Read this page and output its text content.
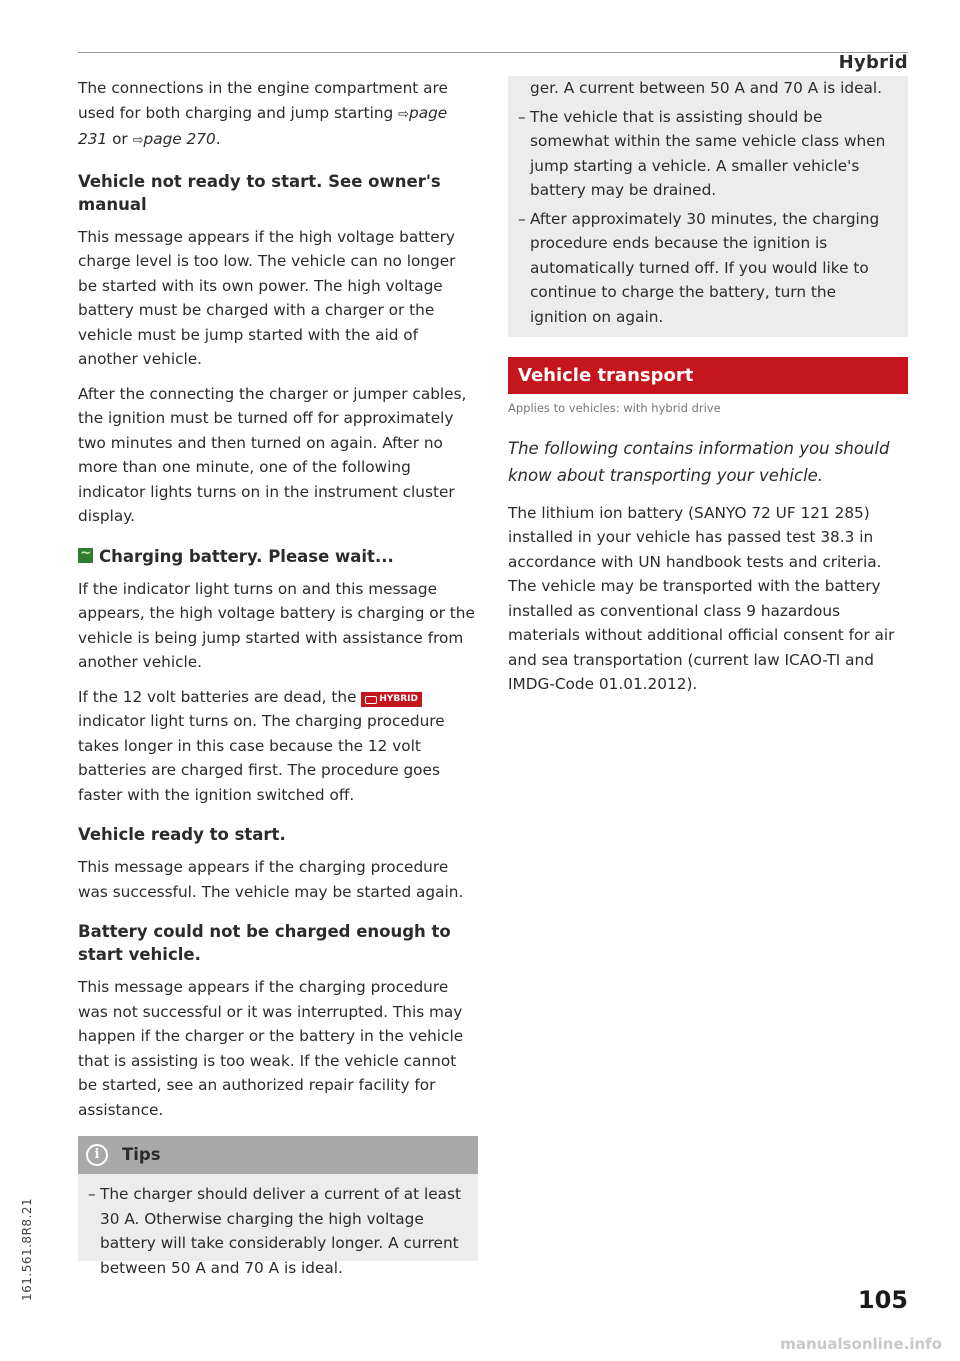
Hybrid

The connections in the engine compartment are used for both charging and jump starting ⇨page 231 or ⇨page 270.

Vehicle not ready to start. See owner's manual

This message appears if the high voltage battery charge level is too low. The vehicle can no longer be started with its own power. The high voltage battery must be charged with a charger or the vehicle must be jump started with the aid of another vehicle.

After the connecting the charger or jumper cables, the ignition must be turned off for approximately two minutes and then turned on again. After no more than one minute, one of the following indicator lights turns on in the instrument cluster display.

~Charging battery. Please wait...

If the indicator light turns on and this message appears, the high voltage battery is charging or the vehicle is being jump started with assistance from another vehicle.

If the 12 volt batteries are dead, the HYBRID indicator light turns on. The charging procedure takes longer in this case because the 12 volt batteries are charged first. The procedure goes faster with the ignition switched off.

Vehicle ready to start.

This message appears if the charging procedure was successful. The vehicle may be started again.

Battery could not be charged enough to start vehicle.

This message appears if the charging procedure was not successful or it was interrupted. This may happen if the charger or the battery in the vehicle that is assisting is too weak. If the vehicle cannot be started, see an authorized repair facility for assistance.

i	Tips
– The charger should deliver a current of at least 30 A. Otherwise charging the high voltage battery will take considerably longer. A current between 50 A and 70 A is ideal.
ger. A current between 50 A and 70 A is ideal.
– The vehicle that is assisting should be somewhat within the same vehicle class when jump starting a vehicle. A smaller vehicle's battery may be drained.
– After approximately 30 minutes, the charging procedure ends because the ignition is automatically turned off. If you would like to continue to charge the battery, turn the ignition on again.
Vehicle transport
Applies to vehicles: with hybrid drive

The following contains information you should know about transporting your vehicle.

The lithium ion battery (SANYO 72 UF 121 285) installed in your vehicle has passed test 38.3 in accordance with UN handbook tests and criteria. The vehicle may be transported with the battery installed as conventional class 9 hazardous materials without additional official consent for air and sea transportation (current law ICAO-TI and IMDG-Code 01.01.2012).

105
161.561.8R8.21
manualsonline.info
